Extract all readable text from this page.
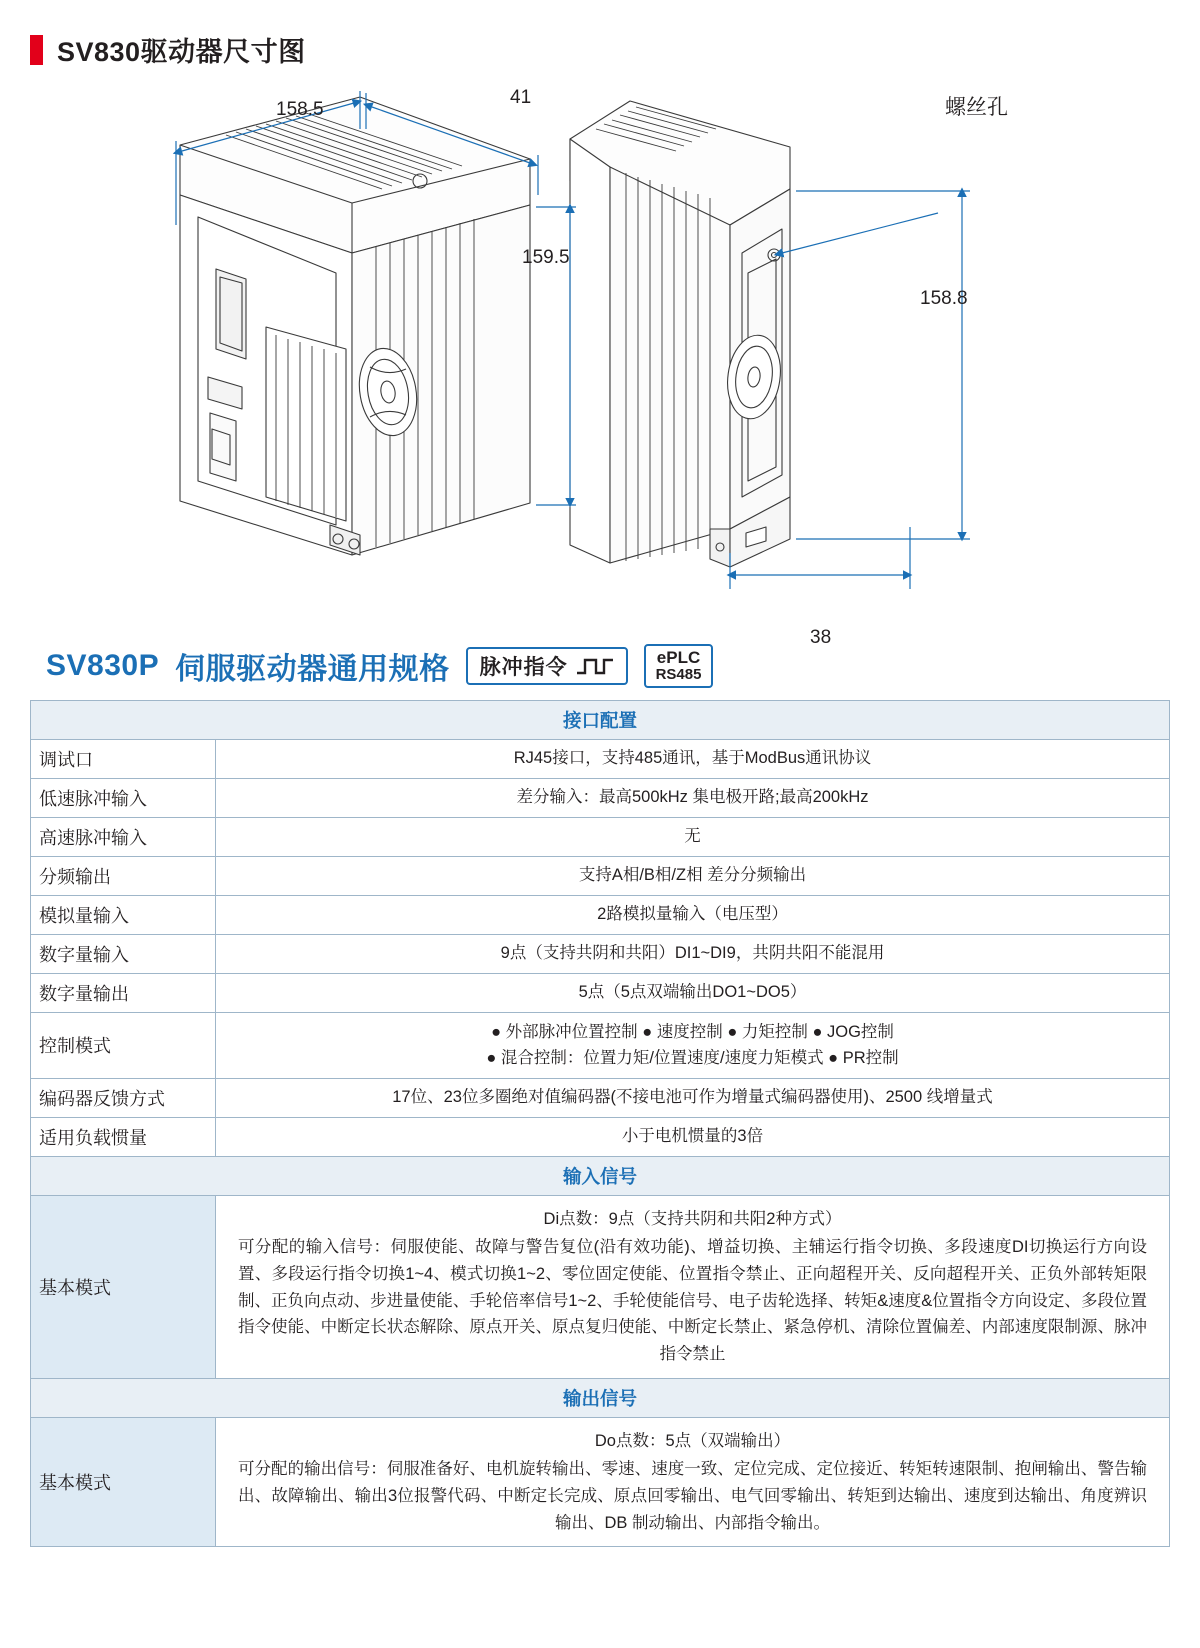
SV830驱动器尺寸图
158.5
41
159.5
158.8
38
螺丝孔
SV830P 伺服驱动器通用规格 脉冲指令	ePLC
RS485
接口配置	
调试口	RJ45接口，支持485通讯，基于ModBus通讯协议
低速脉冲输入	差分输入：最高500kHz 集电极开路;最高200kHz
高速脉冲输入	无
分频输出	支持A相/B相/Z相 差分分频输出
模拟量输入	2路模拟量输入（电压型）
数字量输入	9点（支持共阴和共阳）DI1~DI9，共阴共阳不能混用
数字量输出	5点（5点双端输出DO1~DO5）
控制模式	● 外部脉冲位置控制 ● 速度控制 ● 力矩控制 ● JOG控制
● 混合控制：位置力矩/位置速度/速度力矩模式 ● PR控制

编码器反馈方式	17位、23位多圈绝对值编码器(不接电池可作为增量式编码器使用)、2500 线增量式
适用负载惯量	小于电机惯量的3倍
输入信号	
基本模式	Di点数：9点（支持共阴和共阳2种方式）
可分配的输入信号：伺服使能、故障与警告复位(沿有效功能)、增益切换、主辅运行指令切换、多段速度DI切换运行方向设置、多段运行指令切换1~4、模式切换1~2、零位固定使能、位置指令禁止、正向超程开关、反向超程开关、正负外部转矩限制、正负向点动、步进量使能、手轮倍率信号1~2、手轮使能信号、电子齿轮选择、转矩&速度&位置指令方向设定、多段位置指令使能、中断定长状态解除、原点开关、原点复归使能、中断定长禁止、紧急停机、清除位置偏差、内部速度限制源、脉冲指令禁止

输出信号	
基本模式	Do点数：5点（双端输出）
可分配的输出信号：伺服准备好、电机旋转输出、零速、速度一致、定位完成、定位接近、转矩转速限制、抱闸输出、警告输出、故障输出、输出3位报警代码、中断定长完成、原点回零输出、电气回零输出、转矩到达输出、速度到达输出、角度辨识输出、DB 制动输出、内部指令输出。
